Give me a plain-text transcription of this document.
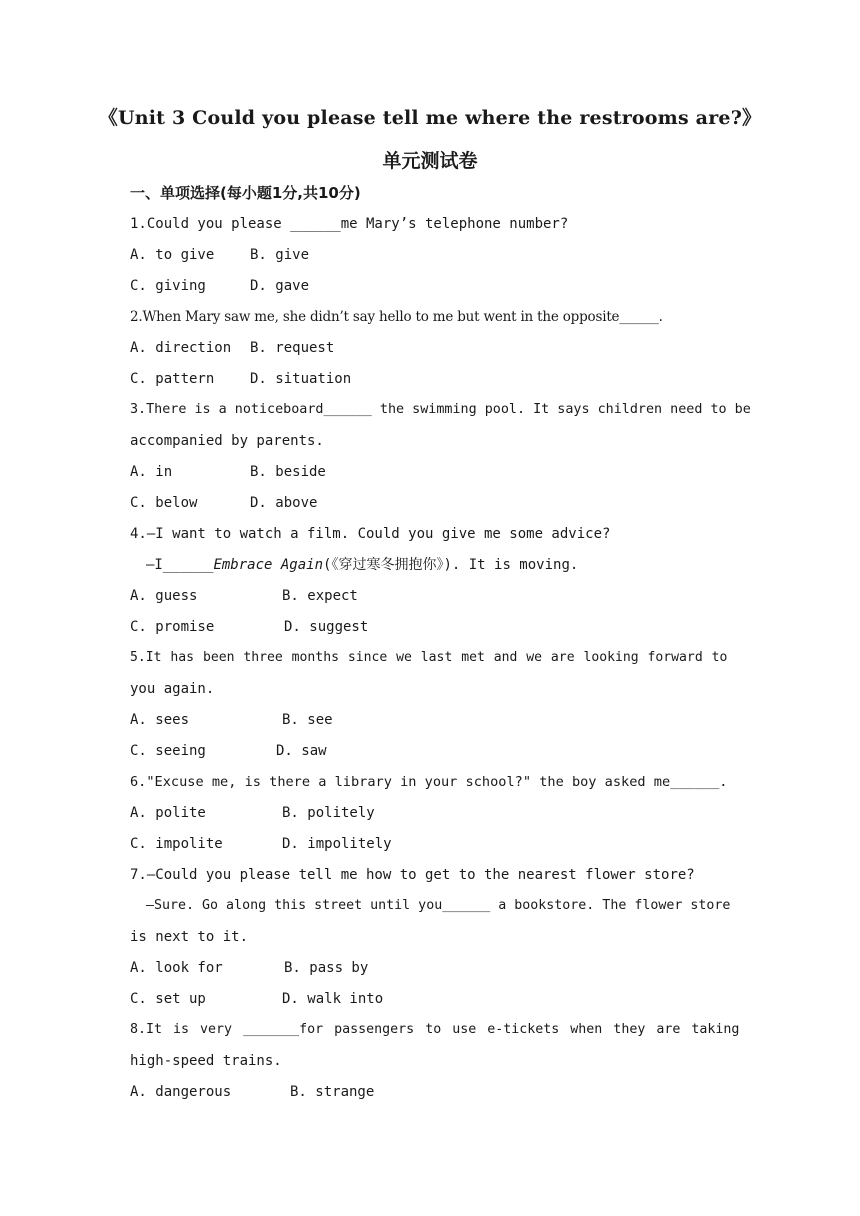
《Unit 3 Could you please tell me where the restrooms are?》
单元测试卷
一、单项选择(每小题1分,共10分)
1.Could you please ______me Mary’s telephone number?
A. to give	B. give
C. giving	D. gave
2.When Mary saw me, she didn’t say hello to me but went in the opposite______.
A. direction B. request
C. pattern	D. situation
3.There is a noticeboard______ the swimming pool. It says children need to be
accompanied by parents.
A. in	B. beside
C. below	D. above
4.—I want to watch a film. Could you give me some advice?
—I______Embrace Again(《穿过寒冬拥抱你》). It is moving.
A. guess	B. expect
C. promise	D. suggest
5.It has been three months since we last met and we are looking forward to
you again.
A. sees	B. see
C. seeing	D. saw
6."Excuse me, is there a library in your school?" the boy asked me______.
A. polite	B. politely
C. impolite	D. impolitely
7.—Could you please tell me how to get to the nearest flower store?
—Sure. Go along this street until you______ a bookstore. The flower store
is next to it.
A. look for	B. pass by
C. set up	D. walk into
8.It is very _______for passengers to use e-tickets when they are taking
high-speed trains.
A. dangerous	B. strange
